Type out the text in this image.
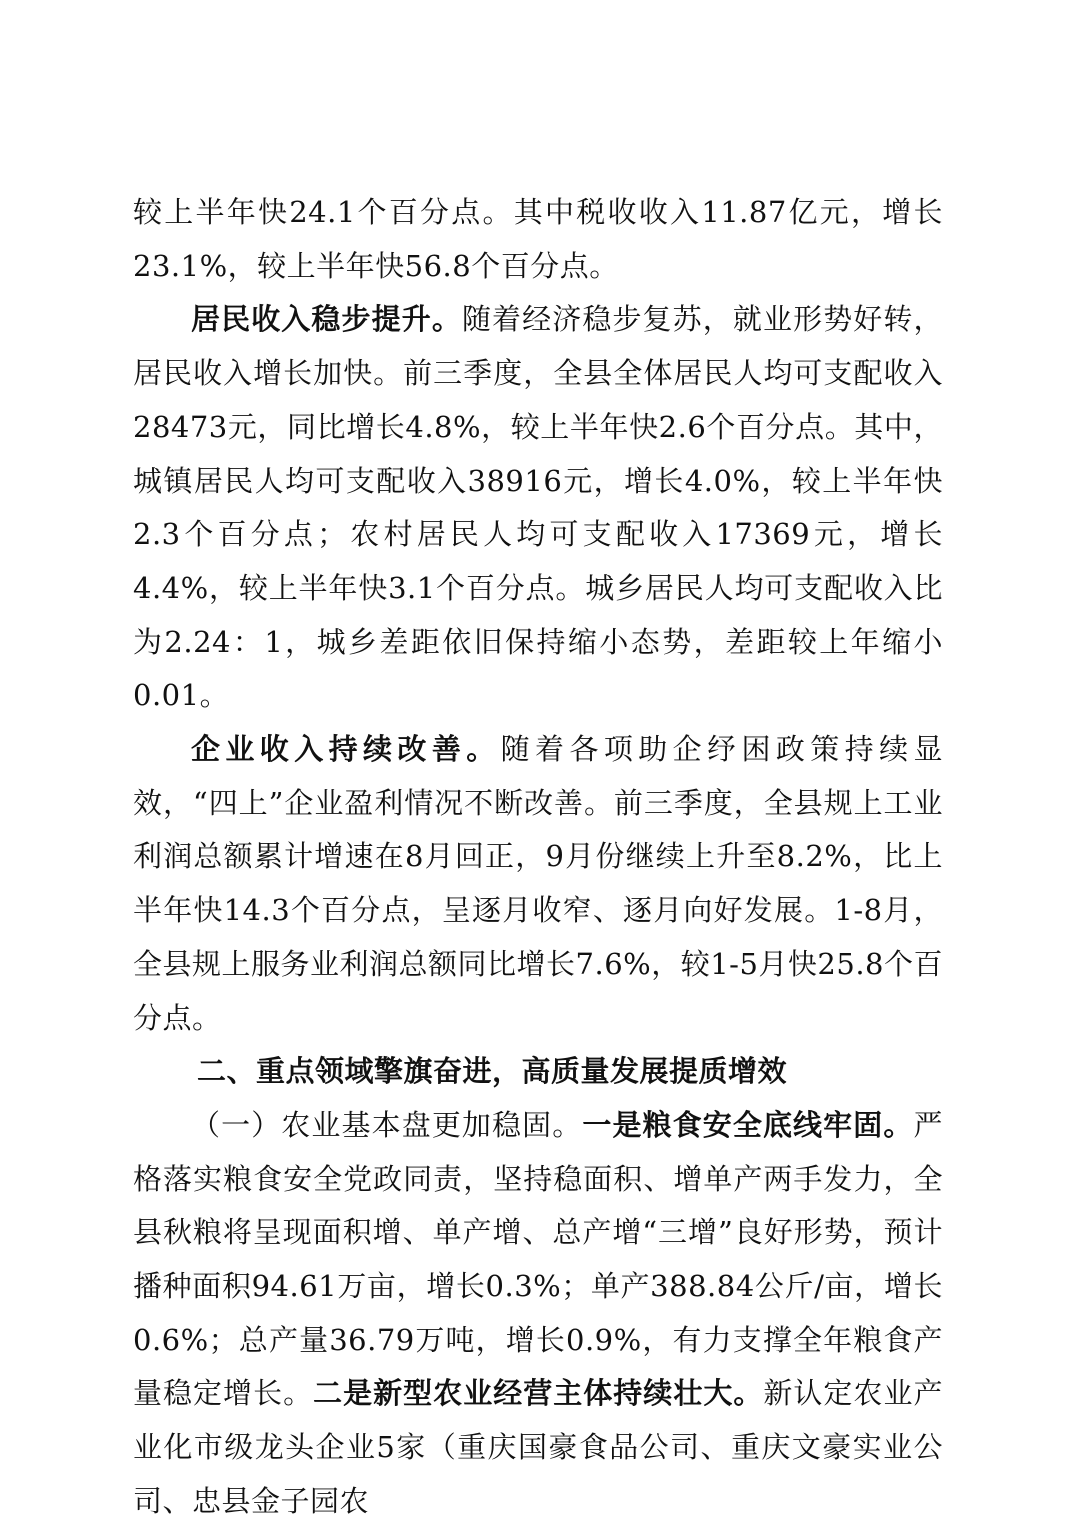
较上半年快24.1个百分点。其中税收收入11.87亿元，增长23.1%，较上半年快56.8个百分点。

居民收入稳步提升。随着经济稳步复苏，就业形势好转，居民收入增长加快。前三季度，全县全体居民人均可支配收入28473元，同比增长4.8%，较上半年快2.6个百分点。其中，城镇居民人均可支配收入38916元，增长4.0%，较上半年快2.3个百分点；农村居民人均可支配收入17369元，增长4.4%，较上半年快3.1个百分点。城乡居民人均可支配收入比为2.24：1，城乡差距依旧保持缩小态势，差距较上年缩小0.01。

企业收入持续改善。随着各项助企纾困政策持续显效，“四上”企业盈利情况不断改善。前三季度，全县规上工业利润总额累计增速在8月回正，9月份继续上升至8.2%，比上半年快14.3个百分点，呈逐月收窄、逐月向好发展。1-8月，全县规上服务业利润总额同比增长7.6%，较1-5月快25.8个百分点。

二、重点领域擎旗奋进，高质量发展提质增效

（一）农业基本盘更加稳固。一是粮食安全底线牢固。严格落实粮食安全党政同责，坚持稳面积、增单产两手发力，全县秋粮将呈现面积增、单产增、总产增“三增”良好形势，预计播种面积94.61万亩，增长0.3%；单产388.84公斤/亩，增长0.6%；总产量36.79万吨，增长0.9%，有力支撑全年粮食产量稳定增长。二是新型农业经营主体持续壮大。新认定农业产业化市级龙头企业5家（重庆国豪食品公司、重庆文豪实业公司、忠县金子园农
